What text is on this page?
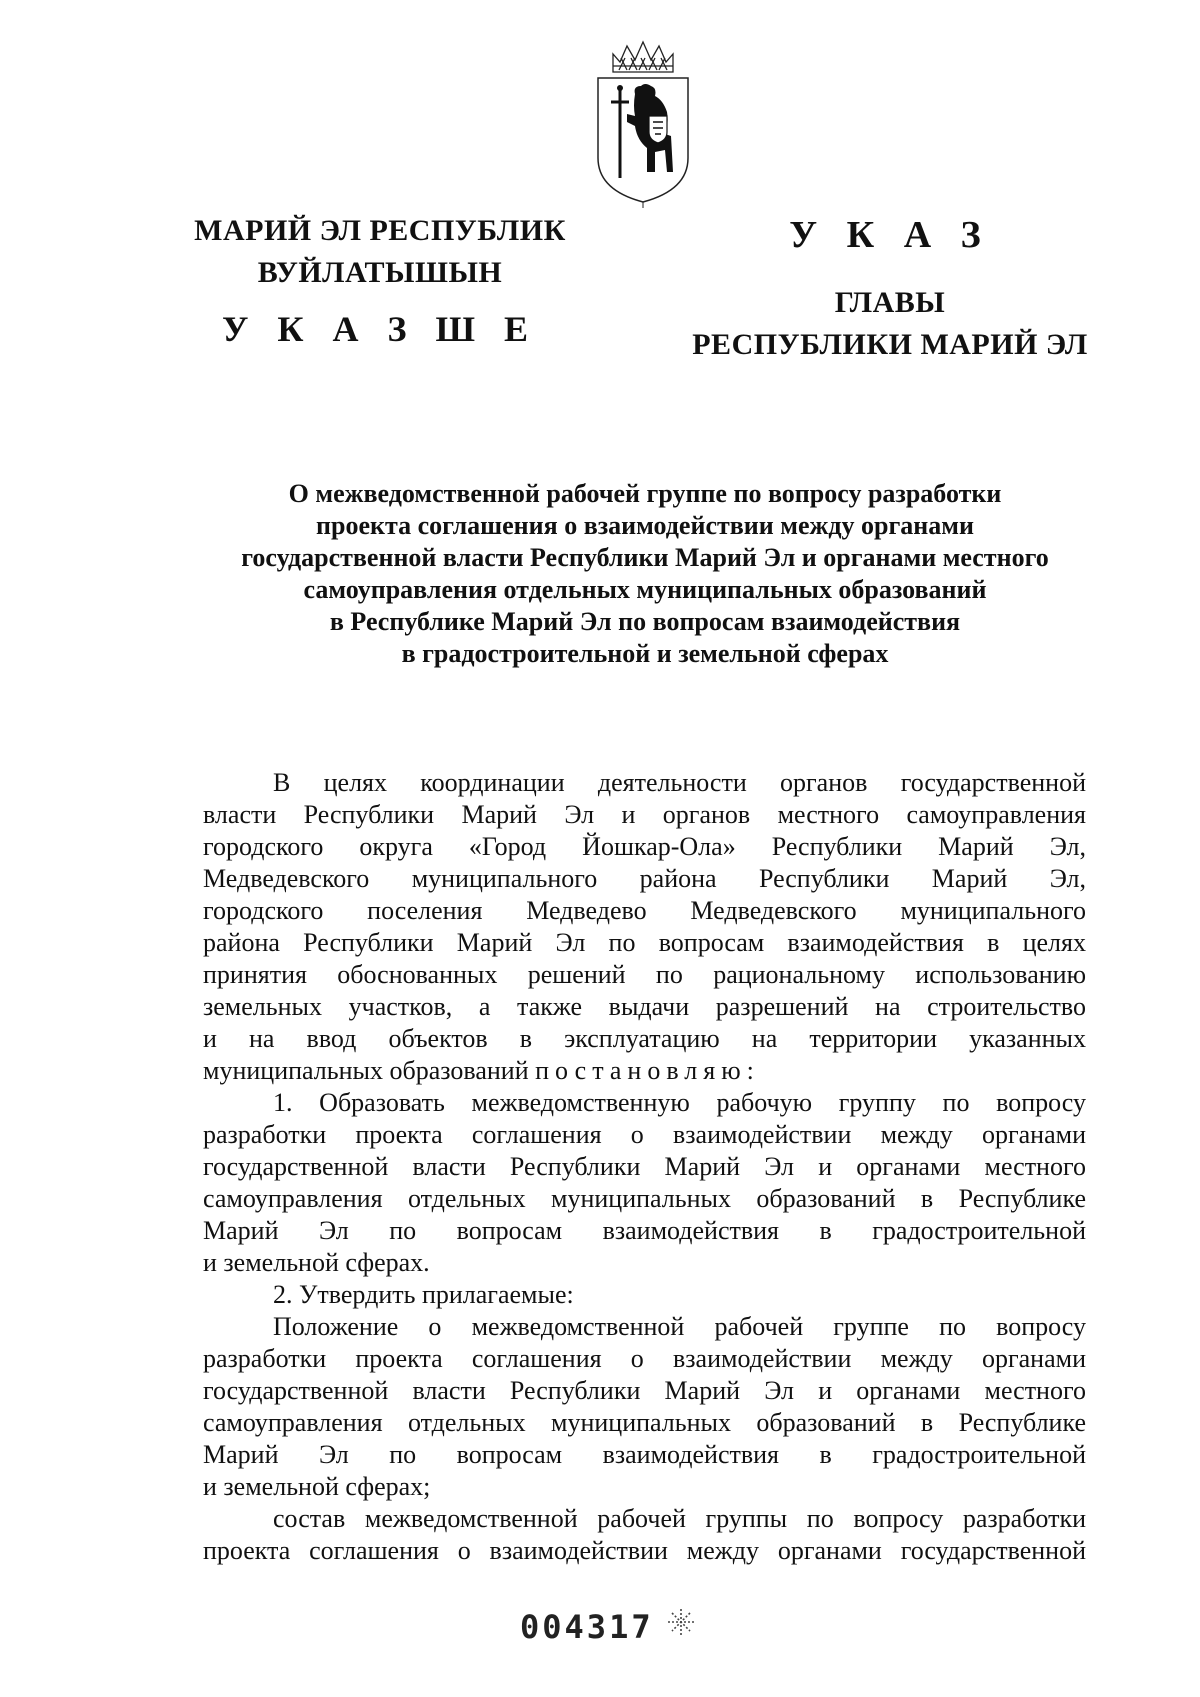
МАРИЙ ЭЛ РЕСПУБЛИК
ВУЙЛАТЫШЫН
У К А З Ш Е
У К А З
ГЛАВЫ
РЕСПУБЛИКИ МАРИЙ ЭЛ
О межведомственной рабочей группе по вопросу разработки
проекта соглашения о взаимодействии между органами
государственной власти Республики Марий Эл и органами местного
самоуправления отдельных муниципальных образований
в Республике Марий Эл по вопросам взаимодействия
в градостроительной и земельной сферах
В целях координации деятельности органов государственной
власти Республики Марий Эл и органов местного самоуправления
городского округа «Город Йошкар-Ола» Республики Марий Эл,
Медведевского муниципального района Республики Марий Эл,
городского поселения Медведево Медведевского муниципального
района Республики Марий Эл по вопросам взаимодействия в целях
принятия обоснованных решений по рациональному использованию
земельных участков, а также выдачи разрешений на строительство
и на ввод объектов в эксплуатацию на территории указанных
муниципальных образований постановляю:
1. Образовать межведомственную рабочую группу по вопросу
разработки проекта соглашения о взаимодействии между органами
государственной власти Республики Марий Эл и органами местного
самоуправления отдельных муниципальных образований в Республике
Марий Эл по вопросам взаимодействия в градостроительной
и земельной сферах.
2. Утвердить прилагаемые:
Положение о межведомственной рабочей группе по вопросу
разработки проекта соглашения о взаимодействии между органами
государственной власти Республики Марий Эл и органами местного
самоуправления отдельных муниципальных образований в Республике
Марий Эл по вопросам взаимодействия в градостроительной
и земельной сферах;
состав межведомственной рабочей группы по вопросу разработки
проекта соглашения о взаимодействии между органами государственной
004317
